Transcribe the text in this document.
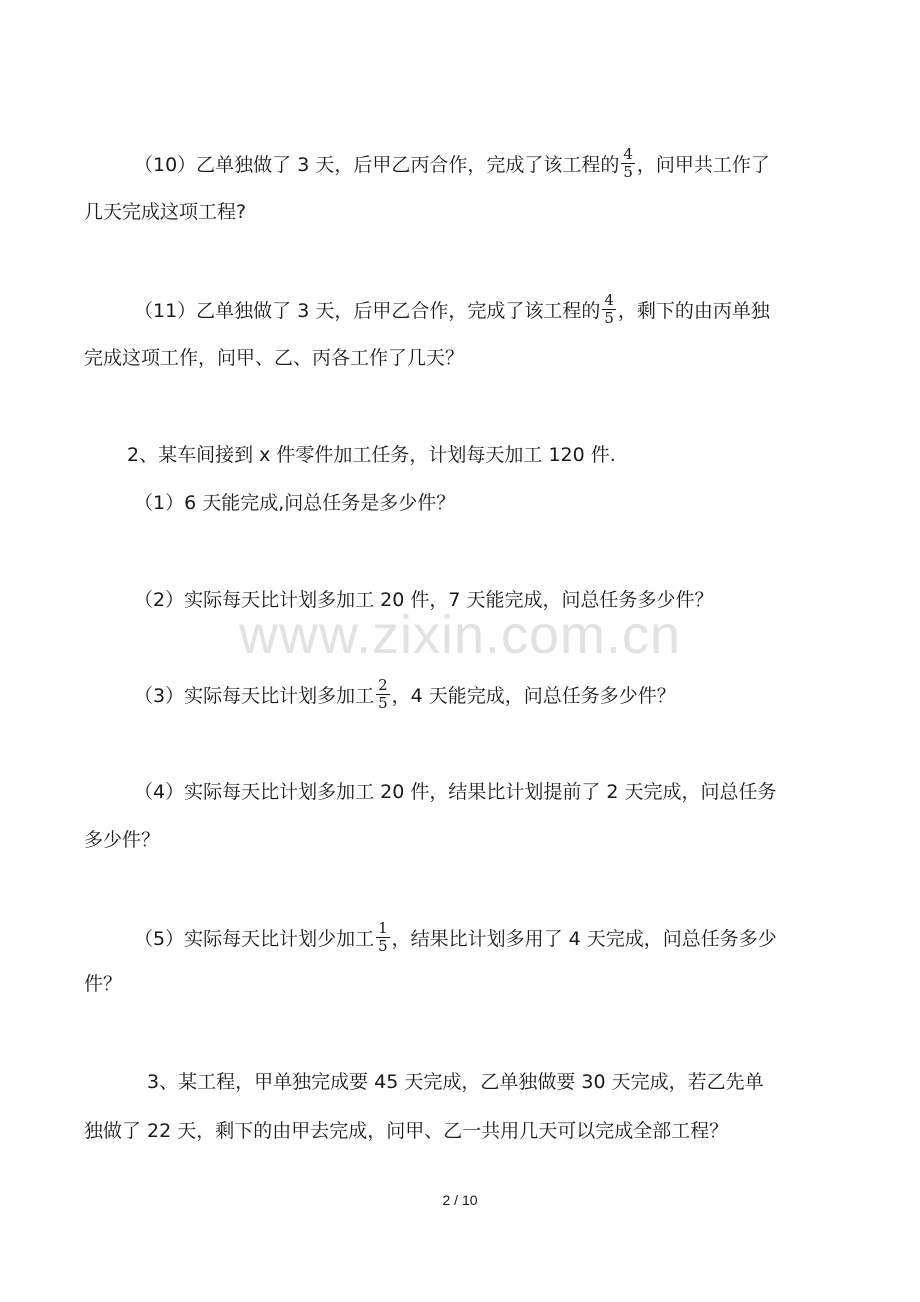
www.zixin.com.cn
（10）乙单独做了 3 天，后甲乙丙合作，完成了该工程的 $\frac{4}{5}$ ，问甲共工作了
几天完成这项工程?
（11）乙单独做了 3 天，后甲乙合作，完成了该工程的 $\frac{4}{5}$ ，剩下的由丙单独
完成这项工作，问甲、乙、丙各工作了几天？
2、某车间接到 x 件零件加工任务，计划每天加工 120 件.
（1）6 天能完成,问总任务是多少件？
（2）实际每天比计划多加工 20 件，7 天能完成，问总任务多少件？
（3）实际每天比计划多加工 $\frac{2}{5}$ ，4 天能完成，问总任务多少件？
（4）实际每天比计划多加工 20 件，结果比计划提前了 2 天完成，问总任务
多少件？
（5）实际每天比计划少加工 $\frac{1}{5}$ ，结果比计划多用了 4 天完成，问总任务多少
件？
3、某工程，甲单独完成要 45 天完成，乙单独做要 30 天完成，若乙先单
独做了 22 天，剩下的由甲去完成，问甲、乙一共用几天可以完成全部工程？
2 / 10
